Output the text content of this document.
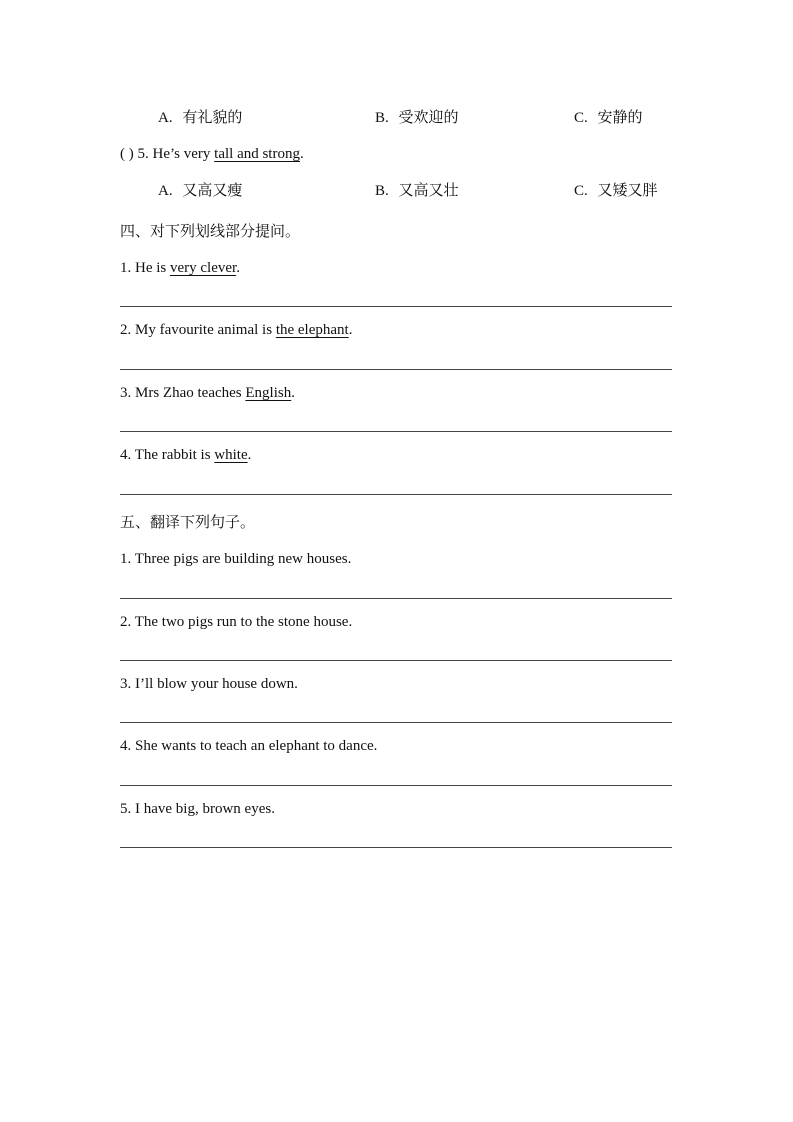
A. 有礼貌的	B. 受欢迎的	C. 安静的
( ) 5. He’s very tall and strong.
A. 又高又瘦	B. 又高又壮	C. 又矮又胖
四、对下列划线部分提问。
1. He is very clever.
2. My favourite animal is the elephant.
3. Mrs Zhao teaches English.
4. The rabbit is white.
五、翻译下列句子。
1. Three pigs are building new houses.
2. The two pigs run to the stone house.
3. I’ll blow your house down.
4. She wants to teach an elephant to dance.
5. I have big, brown eyes.
